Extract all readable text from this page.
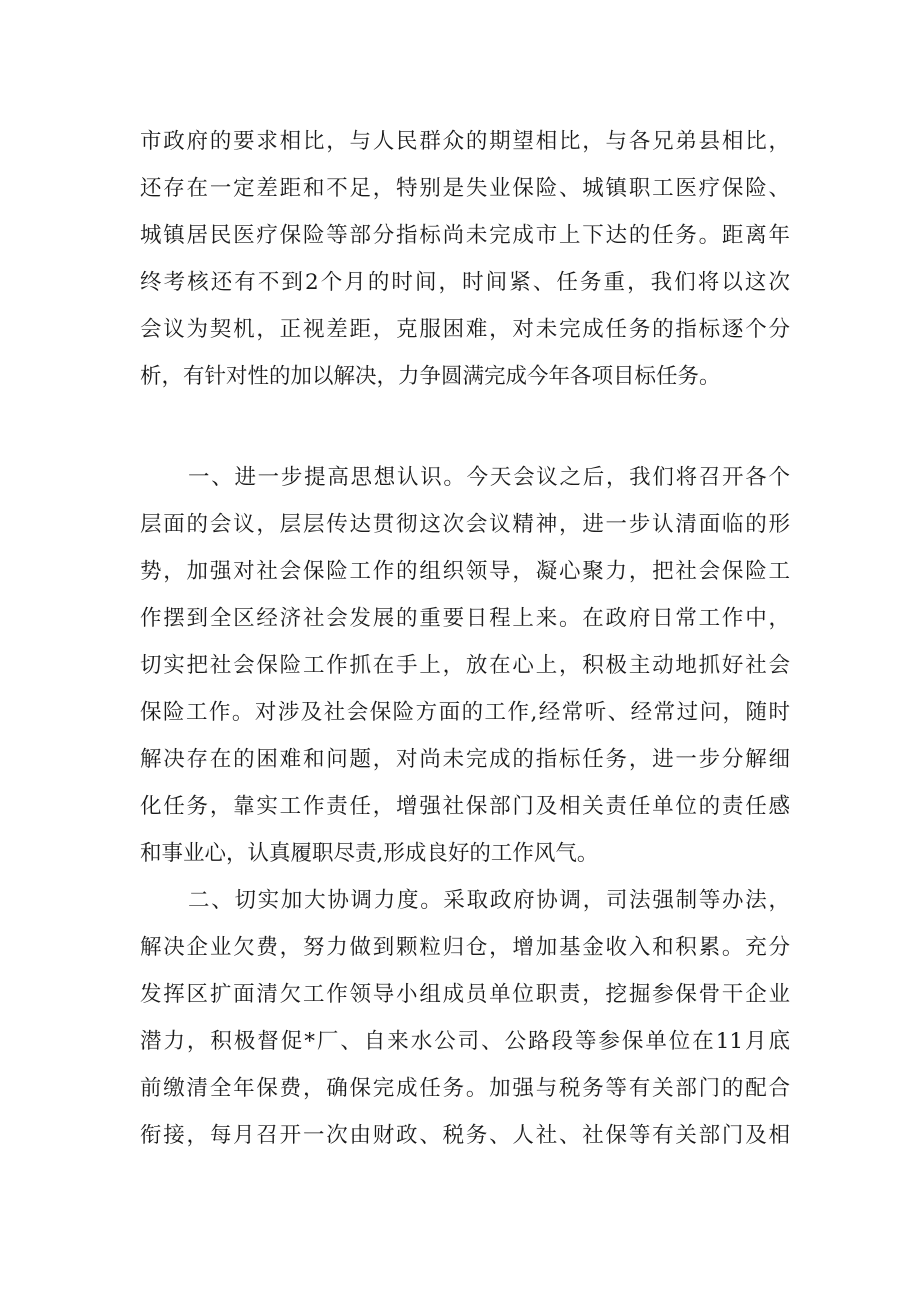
市政府的要求相比，与人民群众的期望相比，与各兄弟县相比，
还存在一定差距和不足，特别是失业保险、城镇职工医疗保险、
城镇居民医疗保险等部分指标尚未完成市上下达的任务。距离年
终考核还有不到2个月的时间，时间紧、任务重，我们将以这次
会议为契机，正视差距，克服困难，对未完成任务的指标逐个分
析，有针对性的加以解决，力争圆满完成今年各项目标任务。
一、进一步提高思想认识。今天会议之后，我们将召开各个
层面的会议，层层传达贯彻这次会议精神，进一步认清面临的形
势，加强对社会保险工作的组织领导，凝心聚力，把社会保险工
作摆到全区经济社会发展的重要日程上来。在政府日常工作中，
切实把社会保险工作抓在手上，放在心上，积极主动地抓好社会
保险工作。对涉及社会保险方面的工作,经常听、经常过问，随时
解决存在的困难和问题，对尚未完成的指标任务，进一步分解细
化任务，靠实工作责任，增强社保部门及相关责任单位的责任感
和事业心，认真履职尽责,形成良好的工作风气。
二、切实加大协调力度。采取政府协调，司法强制等办法，
解决企业欠费，努力做到颗粒归仓，增加基金收入和积累。充分
发挥区扩面清欠工作领导小组成员单位职责，挖掘参保骨干企业
潜力，积极督促*厂、自来水公司、公路段等参保单位在11月底
前缴清全年保费，确保完成任务。加强与税务等有关部门的配合
衔接，每月召开一次由财政、税务、人社、社保等有关部门及相
